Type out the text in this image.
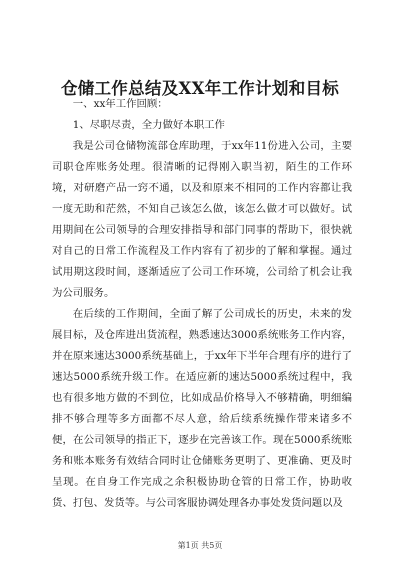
仓储工作总结及XX年工作计划和目标

一、xx年工作回顾：

1、尽职尽责，全力做好本职工作

我是公司仓储物流部仓库助理，于xx年11份进入公司，主要司职仓库账务处理。很清晰的记得刚入职当初，陌生的工作环境，对研磨产品一窍不通，以及和原来不相同的工作内容都让我一度无助和茫然，不知自己该怎么做，该怎么做才可以做好。试用期间在公司领导的合理安排指导和部门同事的帮助下，很快就对自己的日常工作流程及工作内容有了初步的了解和掌握。通过试用期这段时间，逐渐适应了公司工作环境，公司给了机会让我为公司服务。

在后续的工作期间，全面了解了公司成长的历史，未来的发展目标，及仓库进出货流程，熟悉速达3000系统账务工作内容，并在原来速达3000系统基础上，于xx年下半年合理有序的进行了速达5000系统升级工作。在适应新的速达5000系统过程中，我也有很多地方做的不到位，比如成品价格导入不够精确，明细编排不够合理等多方面都不尽人意，给后续系统操作带来诸多不便，在公司领导的指正下，逐步在完善该工作。现在5000系统账务和账本账务有效结合同时让仓储账务更明了、更准确、更及时呈现。在自身工作完成之余积极协助仓管的日常工作，协助收货、打包、发货等。与公司客服协调处理各办事处发货问题以及

第1页 共5页
